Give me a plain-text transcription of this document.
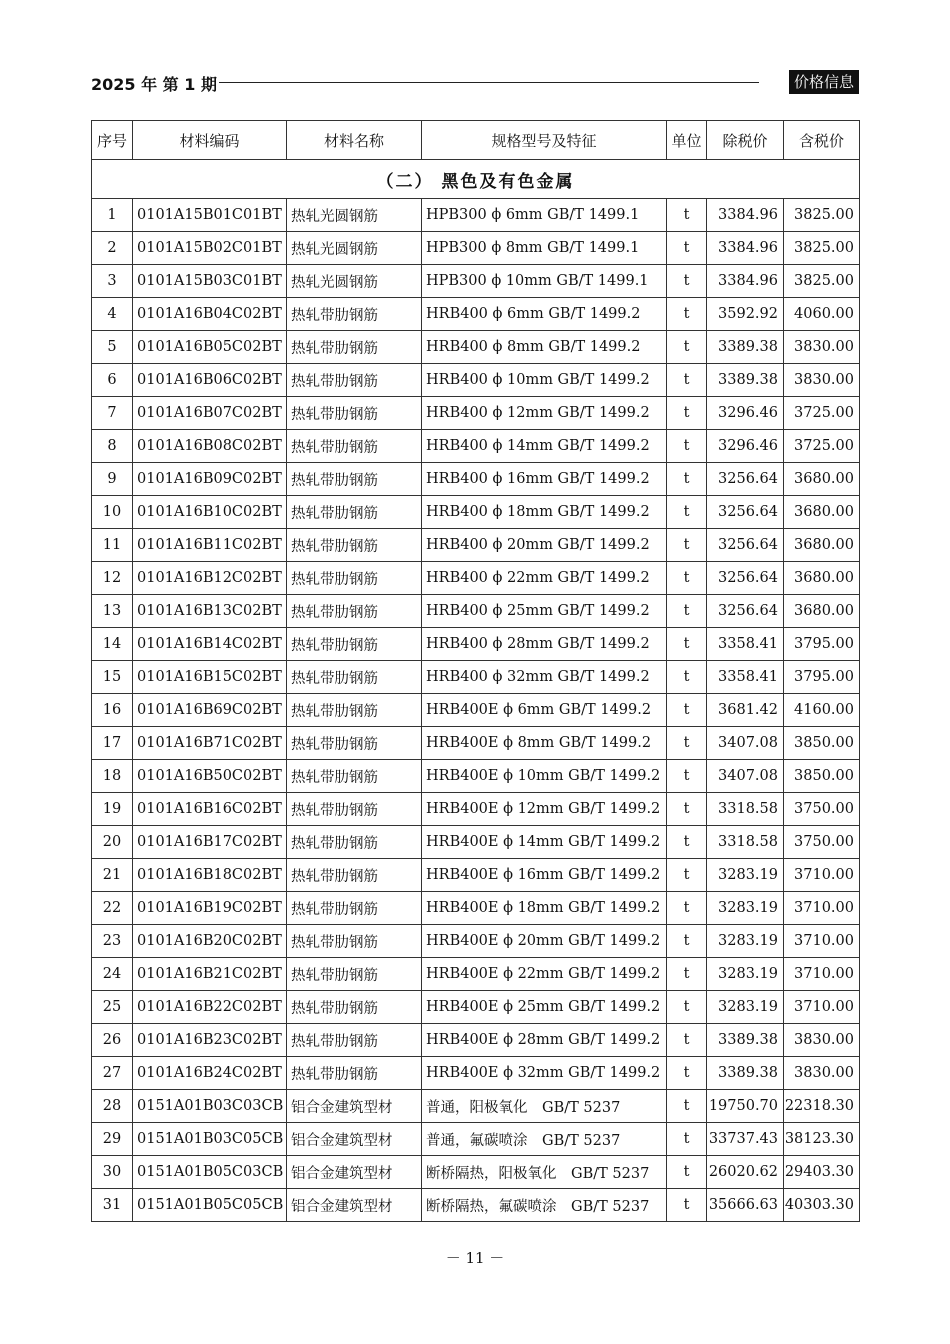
2025 年 第 1 期	价格信息
序号	材料编码	材料名称	规格型号及特征	单位	除税价	含税价
（二） 黑色及有色金属						
1	0101A15B01C01BT	热轧光圆钢筋	HPB300 ϕ 6mm GB/T 1499.1	t	3384.96	3825.00
2	0101A15B02C01BT	热轧光圆钢筋	HPB300 ϕ 8mm GB/T 1499.1	t	3384.96	3825.00
3	0101A15B03C01BT	热轧光圆钢筋	HPB300 ϕ 10mm GB/T 1499.1	t	3384.96	3825.00
4	0101A16B04C02BT	热轧带肋钢筋	HRB400 ϕ 6mm GB/T 1499.2	t	3592.92	4060.00
5	0101A16B05C02BT	热轧带肋钢筋	HRB400 ϕ 8mm GB/T 1499.2	t	3389.38	3830.00
6	0101A16B06C02BT	热轧带肋钢筋	HRB400 ϕ 10mm GB/T 1499.2	t	3389.38	3830.00
7	0101A16B07C02BT	热轧带肋钢筋	HRB400 ϕ 12mm GB/T 1499.2	t	3296.46	3725.00
8	0101A16B08C02BT	热轧带肋钢筋	HRB400 ϕ 14mm GB/T 1499.2	t	3296.46	3725.00
9	0101A16B09C02BT	热轧带肋钢筋	HRB400 ϕ 16mm GB/T 1499.2	t	3256.64	3680.00
10	0101A16B10C02BT	热轧带肋钢筋	HRB400 ϕ 18mm GB/T 1499.2	t	3256.64	3680.00
11	0101A16B11C02BT	热轧带肋钢筋	HRB400 ϕ 20mm GB/T 1499.2	t	3256.64	3680.00
12	0101A16B12C02BT	热轧带肋钢筋	HRB400 ϕ 22mm GB/T 1499.2	t	3256.64	3680.00
13	0101A16B13C02BT	热轧带肋钢筋	HRB400 ϕ 25mm GB/T 1499.2	t	3256.64	3680.00
14	0101A16B14C02BT	热轧带肋钢筋	HRB400 ϕ 28mm GB/T 1499.2	t	3358.41	3795.00
15	0101A16B15C02BT	热轧带肋钢筋	HRB400 ϕ 32mm GB/T 1499.2	t	3358.41	3795.00
16	0101A16B69C02BT	热轧带肋钢筋	HRB400E ϕ 6mm GB/T 1499.2	t	3681.42	4160.00
17	0101A16B71C02BT	热轧带肋钢筋	HRB400E ϕ 8mm GB/T 1499.2	t	3407.08	3850.00
18	0101A16B50C02BT	热轧带肋钢筋	HRB400E ϕ 10mm GB/T 1499.2	t	3407.08	3850.00
19	0101A16B16C02BT	热轧带肋钢筋	HRB400E ϕ 12mm GB/T 1499.2	t	3318.58	3750.00
20	0101A16B17C02BT	热轧带肋钢筋	HRB400E ϕ 14mm GB/T 1499.2	t	3318.58	3750.00
21	0101A16B18C02BT	热轧带肋钢筋	HRB400E ϕ 16mm GB/T 1499.2	t	3283.19	3710.00
22	0101A16B19C02BT	热轧带肋钢筋	HRB400E ϕ 18mm GB/T 1499.2	t	3283.19	3710.00
23	0101A16B20C02BT	热轧带肋钢筋	HRB400E ϕ 20mm GB/T 1499.2	t	3283.19	3710.00
24	0101A16B21C02BT	热轧带肋钢筋	HRB400E ϕ 22mm GB/T 1499.2	t	3283.19	3710.00
25	0101A16B22C02BT	热轧带肋钢筋	HRB400E ϕ 25mm GB/T 1499.2	t	3283.19	3710.00
26	0101A16B23C02BT	热轧带肋钢筋	HRB400E ϕ 28mm GB/T 1499.2	t	3389.38	3830.00
27	0101A16B24C02BT	热轧带肋钢筋	HRB400E ϕ 32mm GB/T 1499.2	t	3389.38	3830.00
28	0151A01B03C03CB	铝合金建筑型材	普通，阳极氧化　GB/T 5237	t	19750.70	22318.30
29	0151A01B03C05CB	铝合金建筑型材	普通，氟碳喷涂　GB/T 5237	t	33737.43	38123.30
30	0151A01B05C03CB	铝合金建筑型材	断桥隔热，阳极氧化　GB/T 5237	t	26020.62	29403.30
31	0151A01B05C05CB	铝合金建筑型材	断桥隔热，氟碳喷涂　GB/T 5237	t	35666.63	40303.30
－ 11 －
